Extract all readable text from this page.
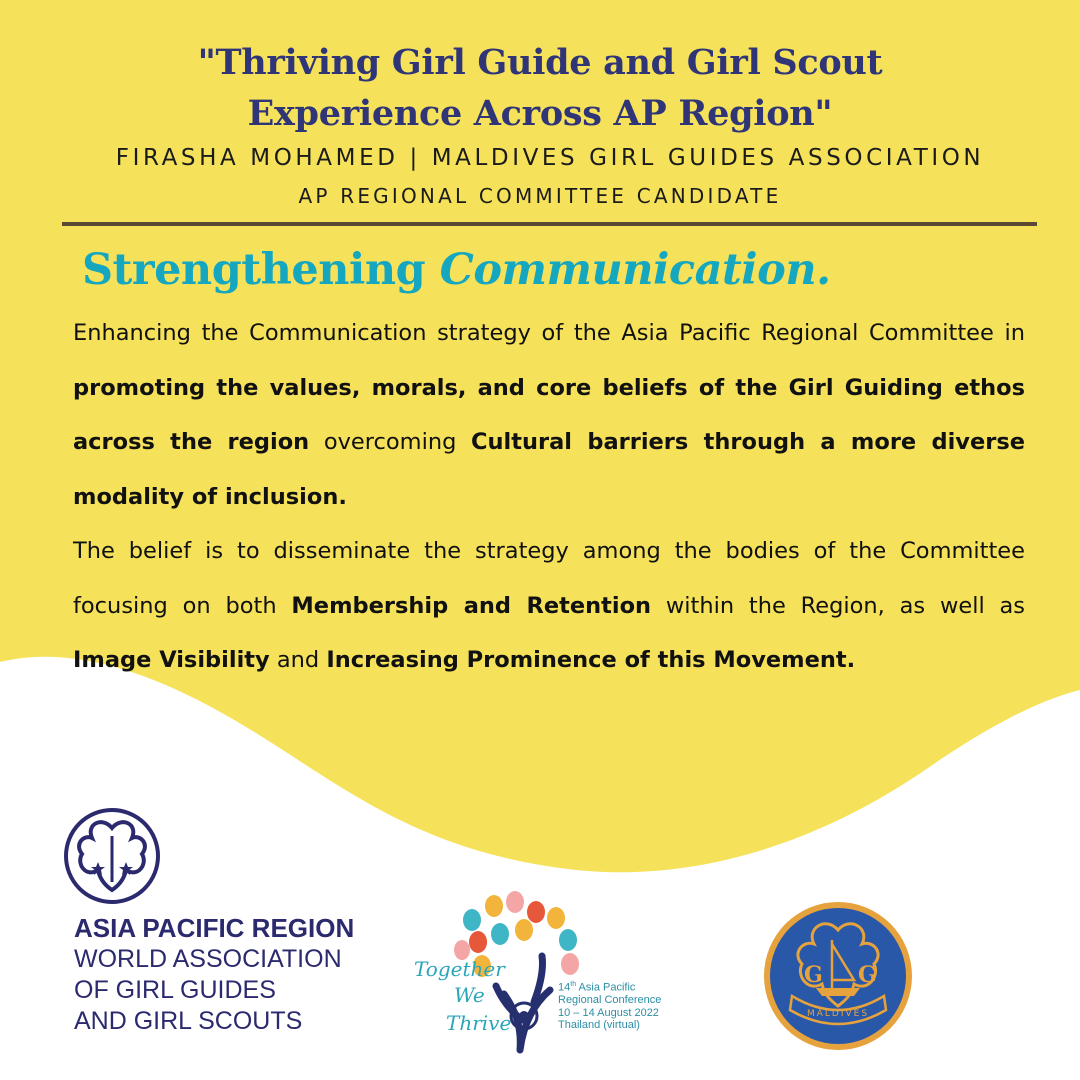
"Thriving Girl Guide and Girl Scout
Experience Across AP Region"
FIRASHA MOHAMED | MALDIVES GIRL GUIDES ASSOCIATION
AP REGIONAL COMMITTEE CANDIDATE
Strengthening Communication.
Enhancing the Communication strategy of the Asia Pacific Regional Committee in promoting the values, morals, and core beliefs of the Girl Guiding ethos across the region overcoming Cultural barriers through a more diverse modality of inclusion.
The belief is to disseminate the strategy among the bodies of the Committee focusing on both Membership and Retention within the Region, as well as Image Visibility and Increasing Prominence of this Movement.
ASIA PACIFIC REGION
WORLD ASSOCIATION
OF GIRL GUIDES
AND GIRL SCOUTS
Together
We
Thrive
14th Asia Pacific
Regional Conference
10 – 14 August 2022
Thailand (virtual)
G G
MALDIVES
